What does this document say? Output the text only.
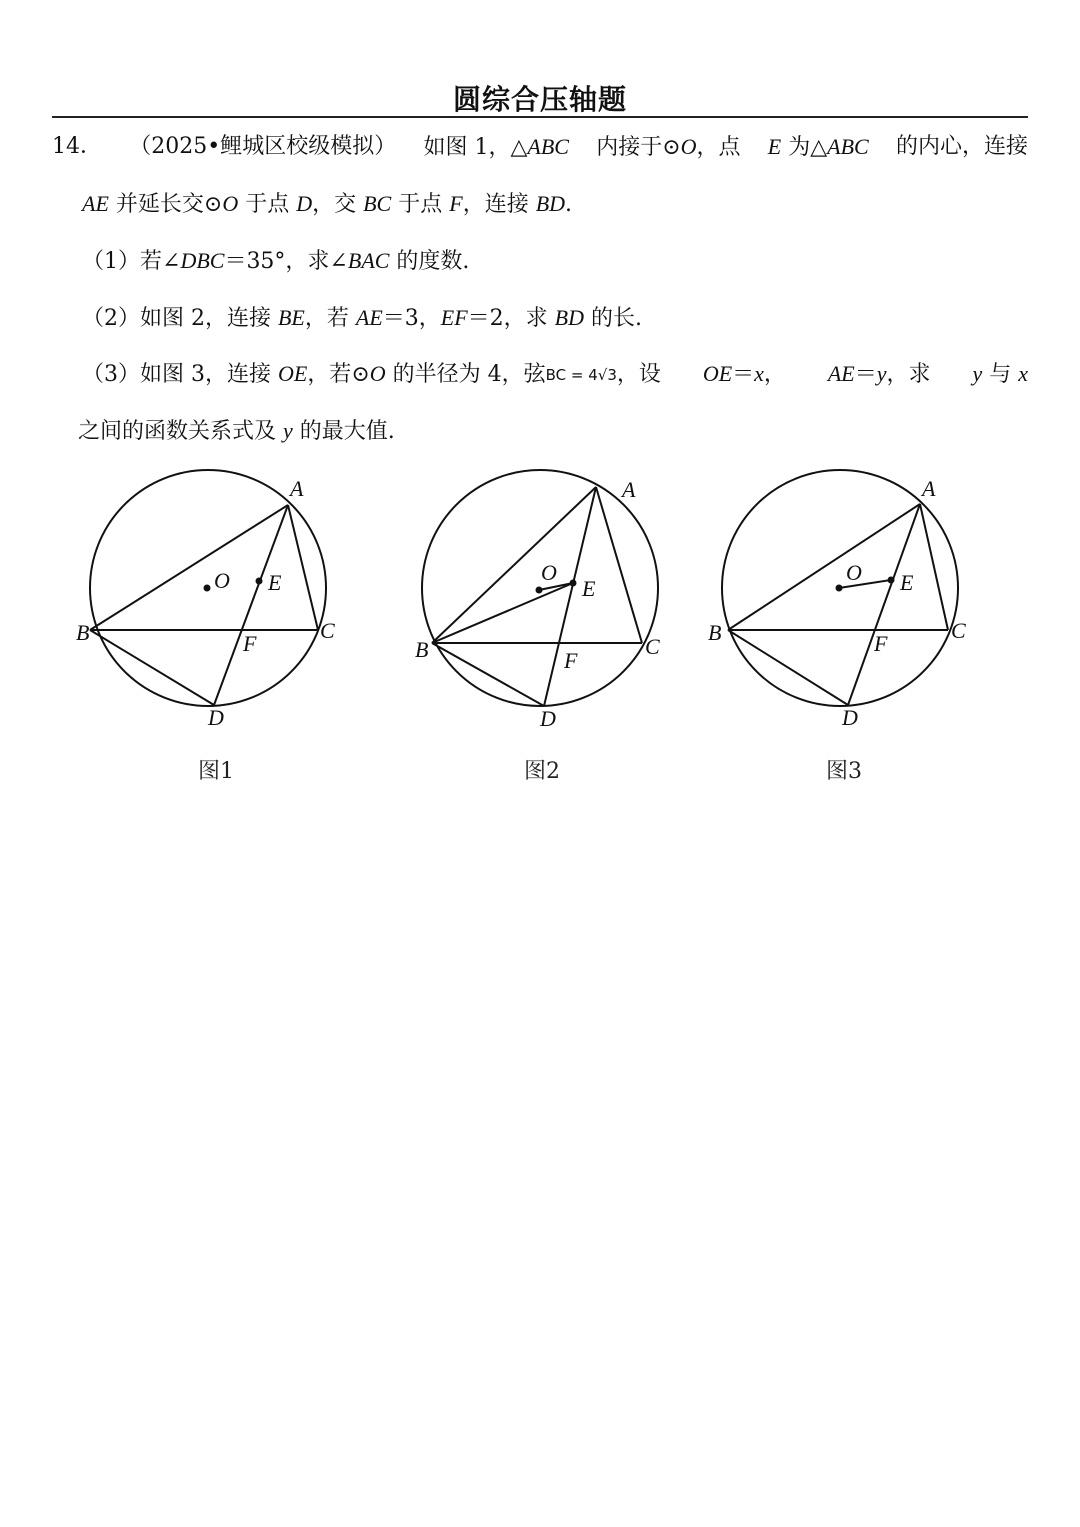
圆综合压轴题
14． （2025•鲤城区校级模拟） 如图 1，△ABC 内接于⊙O，点 E 为△ABC 的内心，连接
AE 并延长交⊙O 于点 D，交 BC 于点 F，连接 BD.
（1）若∠DBC＝35°，求∠BAC 的度数.
（2）如图 2，连接 BE，若 AE＝3，EF＝2，求 BD 的长.
（3）如图 3，连接 OE，若⊙O 的半径为 4，弦BC = 4√3，设 OE＝x， AE＝y，求 y 与 x
之间的函数关系式及 y 的最大值.
A
B	C
D
E
F
O
图1
A
B	C
D
E
F
O
图2
A
B	C
D
E
F
O
图3
